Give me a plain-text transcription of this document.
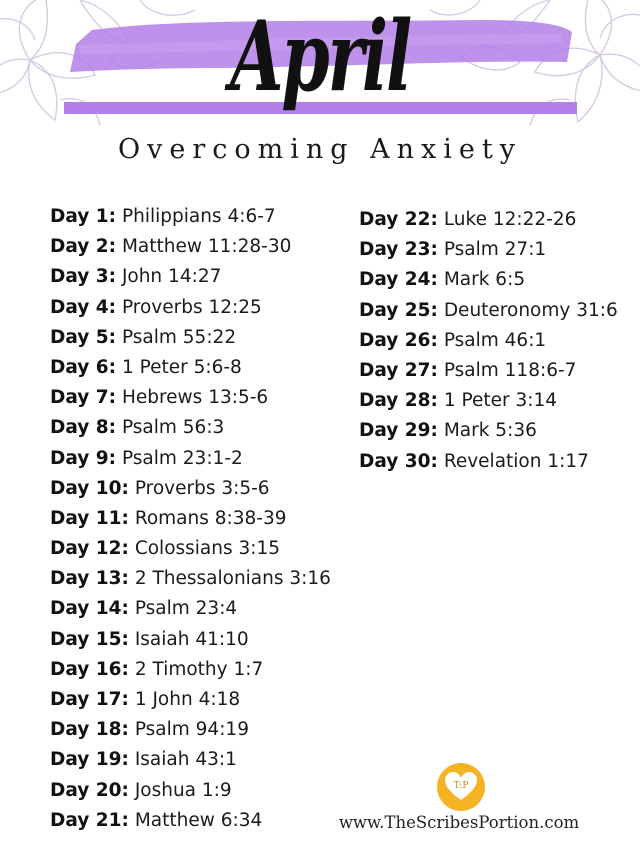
April
Overcoming Anxiety
Day 1: Philippians 4:6-7
Day 2: Matthew 11:28-30
Day 3: John 14:27
Day 4: Proverbs 12:25
Day 5: Psalm 55:22
Day 6: 1 Peter 5:6-8
Day 7: Hebrews 13:5-6
Day 8: Psalm 56:3
Day 9: Psalm 23:1-2
Day 10: Proverbs 3:5-6
Day 11: Romans 8:38-39
Day 12: Colossians 3:15
Day 13: 2 Thessalonians 3:16
Day 14: Psalm 23:4
Day 15: Isaiah 41:10
Day 16: 2 Timothy 1:7
Day 17: 1 John 4:18
Day 18: Psalm 94:19
Day 19: Isaiah 43:1
Day 20: Joshua 1:9
Day 21: Matthew 6:34
Day 22: Luke 12:22-26
Day 23: Psalm 27:1
Day 24: Mark 6:5
Day 25: Deuteronomy 31:6
Day 26: Psalm 46:1
Day 27: Psalm 118:6-7
Day 28: 1 Peter 3:14
Day 29: Mark 5:36
Day 30: Revelation 1:17
T:P
www.TheScribesPortion.com
